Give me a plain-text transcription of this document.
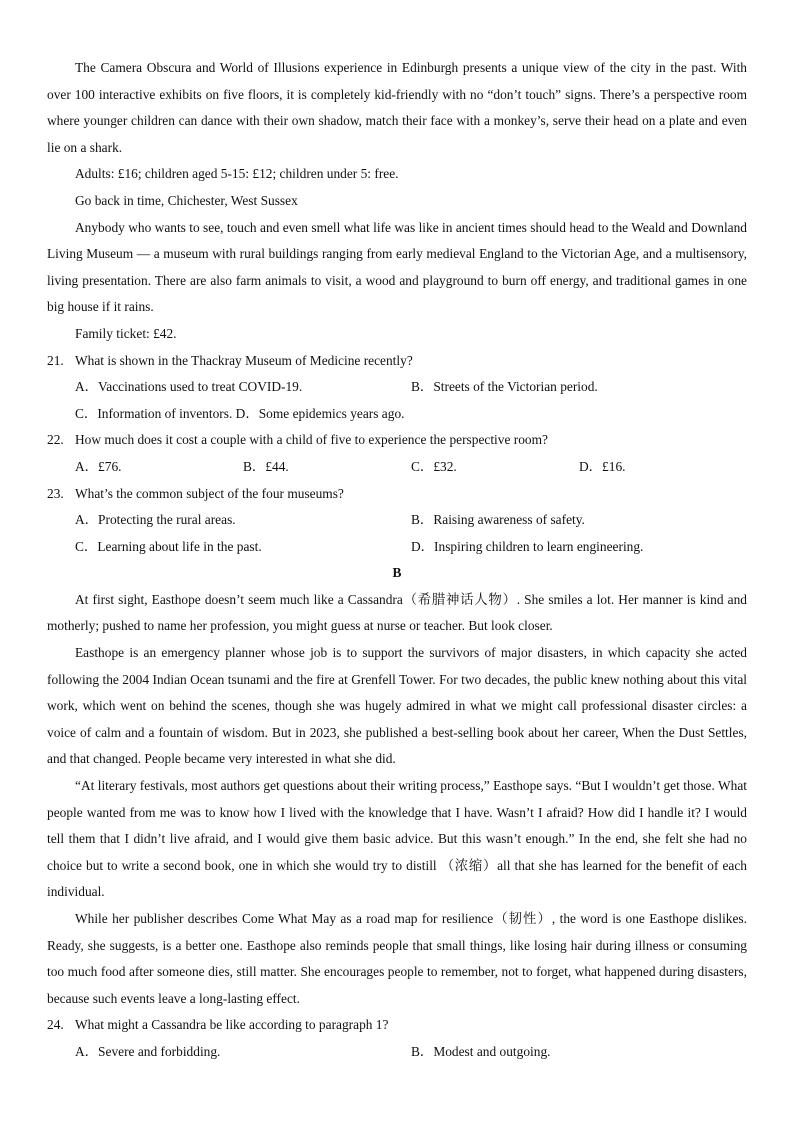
The Camera Obscura and World of Illusions experience in Edinburgh presents a unique view of the city in the past. With over 100 interactive exhibits on five floors, it is completely kid-friendly with no “don’t touch” signs. There’s a perspective room where younger children can dance with their own shadow, match their face with a monkey’s, serve their head on a plate and even lie on a shark.

Adults: £16; children aged 5-15: £12; children under 5: free.

Go back in time, Chichester, West Sussex

Anybody who wants to see, touch and even smell what life was like in ancient times should head to the Weald and Downland Living Museum — a museum with rural buildings ranging from early medieval England to the Victorian Age, and a multisensory, living presentation. There are also farm animals to visit, a wood and playground to burn off energy, and traditional games in one big house if it rains.

Family ticket: £42.

21. What is shown in the Thackray Museum of Medicine recently?
A．Vaccinations used to treat COVID-19.	B．Streets of the Victorian period.
C．Information of inventors. D．Some epidemics years ago.
22. How much does it cost a couple with a child of five to experience the perspective room?
A．£76.	B．£44.	C．£32.	D．£16.
23. What’s the common subject of the four museums?
A．Protecting the rural areas.	B．Raising awareness of safety.
C．Learning about life in the past.	D．Inspiring children to learn engineering.
B

At first sight, Easthope doesn’t seem much like a Cassandra（希腊神话人物）. She smiles a lot. Her manner is kind and motherly; pushed to name her profession, you might guess at nurse or teacher. But look closer.

Easthope is an emergency planner whose job is to support the survivors of major disasters, in which capacity she acted following the 2004 Indian Ocean tsunami and the fire at Grenfell Tower. For two decades, the public knew nothing about this vital work, which went on behind the scenes, though she was hugely admired in what we might call professional disaster circles: a voice of calm and a fountain of wisdom. But in 2023, she published a best-selling book about her career, When the Dust Settles, and that changed. People became very interested in what she did.

“At literary festivals, most authors get questions about their writing process,” Easthope says. “But I wouldn’t get those. What people wanted from me was to know how I lived with the knowledge that I have. Wasn’t I afraid? How did I handle it? I would tell them that I didn’t live afraid, and I would give them basic advice. But this wasn’t enough.” In the end, she felt she had no choice but to write a second book, one in which she would try to distill （浓缩）all that she has learned for the benefit of each individual.

While her publisher describes Come What May as a road map for resilience（韧性）, the word is one Easthope dislikes. Ready, she suggests, is a better one. Easthope also reminds people that small things, like losing hair during illness or consuming too much food after someone dies, still matter. She encourages people to remember, not to forget, what happened during disasters, because such events leave a long-lasting effect.

24. What might a Cassandra be like according to paragraph 1?
A．Severe and forbidding.	B．Modest and outgoing.
